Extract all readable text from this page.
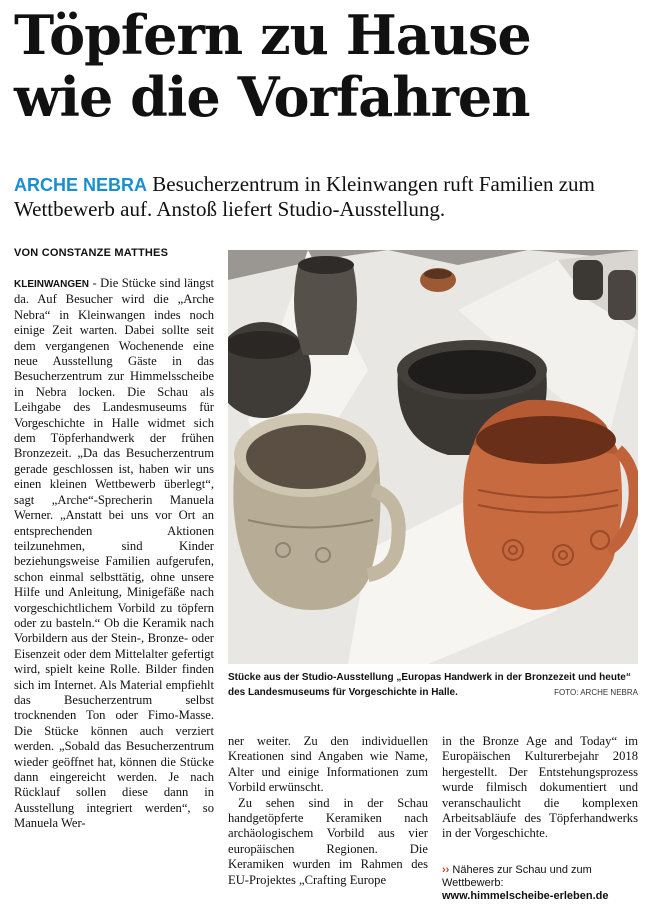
Töpfern zu Hause wie die Vorfahren

ARCHE NEBRA Besucherzentrum in Kleinwangen ruft Familien zum Wettbewerb auf. Anstoß liefert Studio-Ausstellung.

VON CONSTANZE MATTHES

KLEINWANGEN - Die Stücke sind längst da. Auf Besucher wird die „Arche Nebra“ in Kleinwangen indes noch einige Zeit warten. Dabei sollte seit dem vergangenen Wochenende eine neue Ausstellung Gäste in das Besucherzentrum zur Himmelsscheibe in Nebra locken. Die Schau als Leihgabe des Landesmuseums für Vorgeschichte in Halle widmet sich dem Töpferhandwerk der frühen Bronzezeit. „Da das Besucherzentrum gerade geschlossen ist, haben wir uns einen kleinen Wettbewerb überlegt“, sagt „Arche“-Sprecherin Manuela Werner. „Anstatt bei uns vor Ort an entsprechenden Aktionen teilzunehmen, sind Kinder beziehungsweise Familien aufgerufen, schon einmal selbsttätig, ohne unsere Hilfe und Anleitung, Minigefäße nach vorgeschichtlichem Vorbild zu töpfern oder zu basteln.“ Ob die Keramik nach Vorbildern aus der Stein-, Bronze- oder Eisenzeit oder dem Mittelalter gefertigt wird, spielt keine Rolle. Bilder finden sich im Internet. Als Material empfiehlt das Besucherzentrum selbst trocknenden Ton oder Fimo-Masse. Die Stücke können auch verziert werden. „Sobald das Besucherzentrum wieder geöffnet hat, können die Stücke dann eingereicht werden. Je nach Rücklauf sollen diese dann in Ausstellung integriert werden“, so Manuela Wer-

Stücke aus der Studio-Ausstellung „Europas Handwerk in der Bronzezeit und heute“ des Landesmuseums für Vorgeschichte in Halle.	FOTO: ARCHE NEBRA

ner weiter. Zu den individuellen Kreationen sind Angaben wie Name, Alter und einige Informationen zum Vorbild erwünscht.

Zu sehen sind in der Schau handgetöpferte Keramiken nach archäologischem Vorbild aus vier europäischen Regionen. Die Keramiken wurden im Rahmen des EU-Projektes „Crafting Europe

in the Bronze Age and Today“ im Europäischen Kulturerbejahr 2018 hergestellt. Der Entstehungsprozess wurde filmisch dokumentiert und veranschaulicht die komplexen Arbeitsabläufe des Töpferhandwerks in der Vorgeschichte.

›› Näheres zur Schau und zum Wettbewerb:
www.himmelscheibe-erleben.de
